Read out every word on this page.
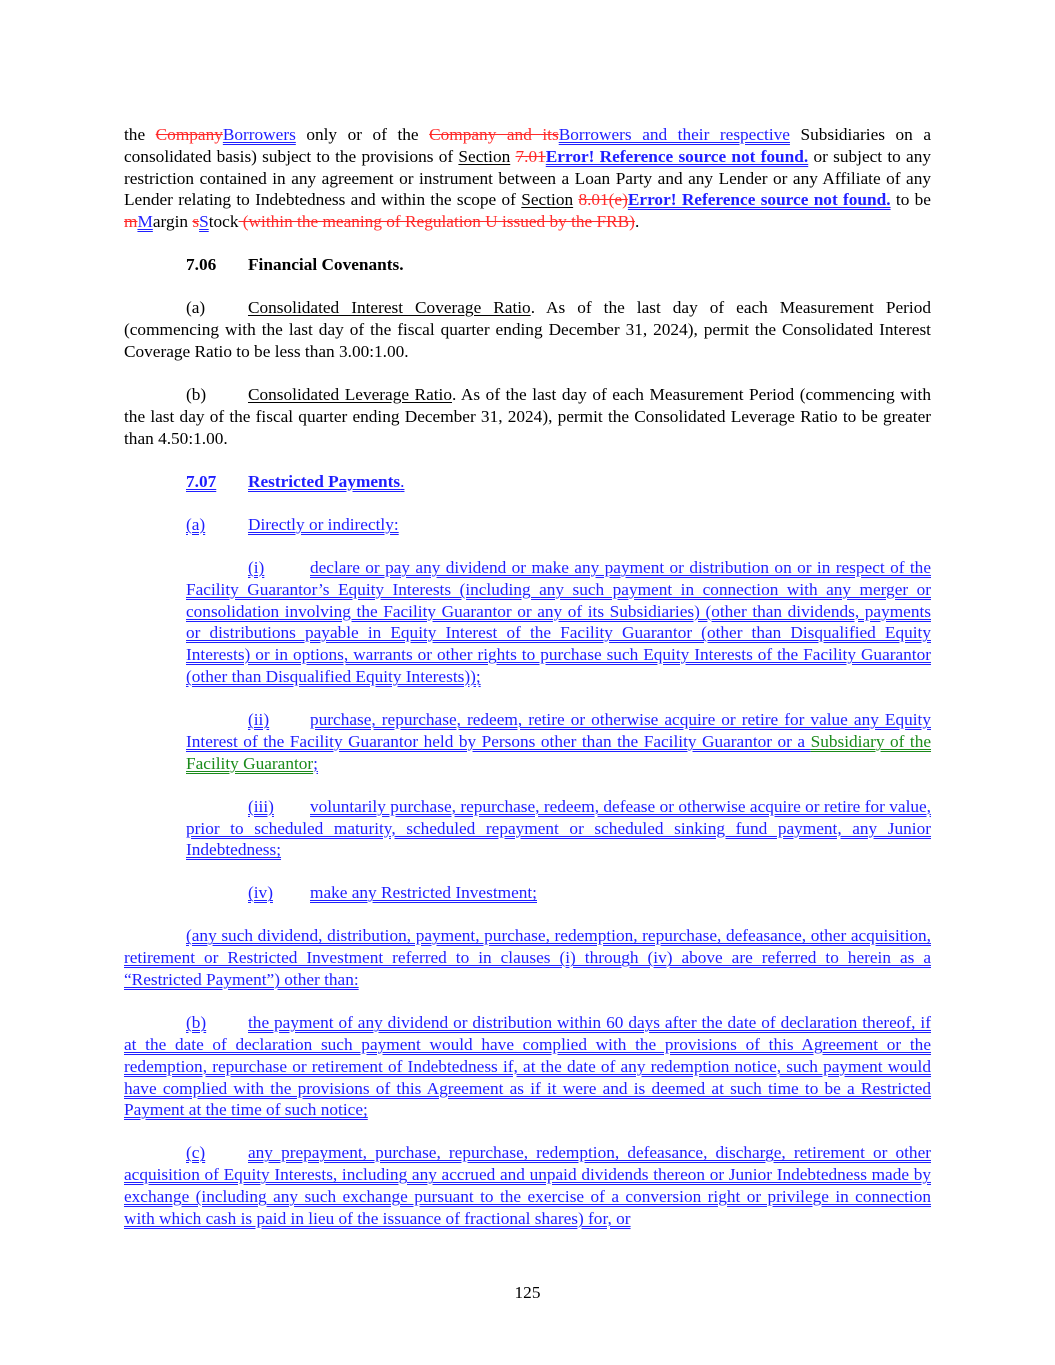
the CompanyBorrowers only or of the Company and itsBorrowers and their respective Subsidiaries on a consolidated basis) subject to the provisions of Section 7.01Error! Reference source not found. or subject to any restriction contained in any agreement or instrument between a Loan Party and any Lender or any Affiliate of any Lender relating to Indebtedness and within the scope of Section 8.01(e)Error! Reference source not found. to be mMargin sStock (within the meaning of Regulation U issued by the FRB).

7.06 Financial Covenants.

(a) Consolidated Interest Coverage Ratio. As of the last day of each Measurement Period (commencing with the last day of the fiscal quarter ending December 31, 2024), permit the Consolidated Interest Coverage Ratio to be less than 3.00:1.00.

(b) Consolidated Leverage Ratio. As of the last day of each Measurement Period (commencing with the last day of the fiscal quarter ending December 31, 2024), permit the Consolidated Leverage Ratio to be greater than 4.50:1.00.

7.07 Restricted Payments.

(a) Directly or indirectly:

(i)	declare or pay any dividend or make any payment or distribution on or in respect of the Facility Guarantor’s Equity Interests (including any such payment in connection with any merger or consolidation involving the Facility Guarantor or any of its Subsidiaries) (other than dividends, payments or distributions payable in Equity Interest of the Facility Guarantor (other than Disqualified Equity Interests) or in options, warrants or other rights to purchase such Equity Interests of the Facility Guarantor (other than Disqualified Equity Interests));

(ii) purchase, repurchase, redeem, retire or otherwise acquire or retire for value any Equity Interest of the Facility Guarantor held by Persons other than the Facility Guarantor or a Subsidiary of the Facility Guarantor;

(iii) voluntarily purchase, repurchase, redeem, defease or otherwise acquire or retire for value, prior to scheduled maturity, scheduled repayment or scheduled sinking fund payment, any Junior Indebtedness;

(iv) make any Restricted Investment;

(any such dividend, distribution, payment, purchase, redemption, repurchase, defeasance, other acquisition, retirement or Restricted Investment referred to in clauses (i) through (iv) above are referred to herein as a “Restricted Payment”) other than:

(b) the payment of any dividend or distribution within 60 days after the date of declaration thereof, if at the date of declaration such payment would have complied with the provisions of this Agreement or the redemption, repurchase or retirement of Indebtedness if, at the date of any redemption notice, such payment would have complied with the provisions of this Agreement as if it were and is deemed at such time to be a Restricted Payment at the time of such notice;

(c) any prepayment, purchase, repurchase, redemption, defeasance, discharge, retirement or other acquisition of Equity Interests, including any accrued and unpaid dividends thereon or Junior Indebtedness made by exchange (including any such exchange pursuant to the exercise of a conversion right or privilege in connection with which cash is paid in lieu of the issuance of fractional shares) for, or

125
